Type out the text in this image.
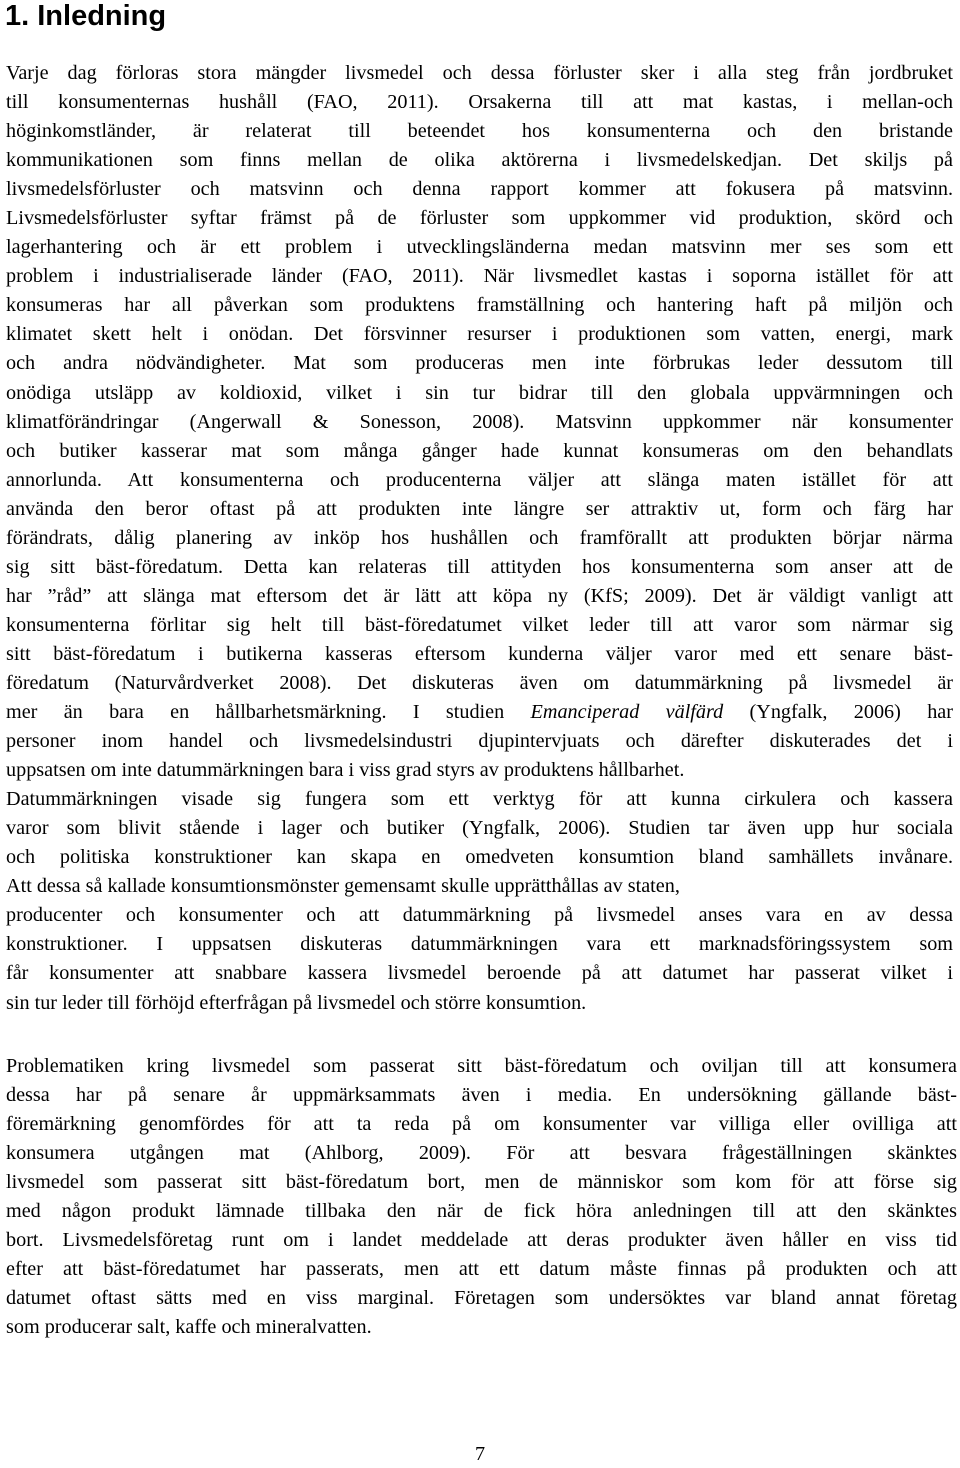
1. Inledning
Varje dag förloras stora mängder livsmedel och dessa förluster sker i alla steg från jordbruket
till konsumenternas hushåll (FAO, 2011). Orsakerna till att mat kastas, i mellan-och
höginkomstländer, är relaterat till beteendet hos konsumenterna och den bristande
kommunikationen som finns mellan de olika aktörerna i livsmedelskedjan. Det skiljs på
livsmedelsförluster och matsvinn och denna rapport kommer att fokusera på matsvinn.
Livsmedelsförluster syftar främst på de förluster som uppkommer vid produktion, skörd och
lagerhantering och är ett problem i utvecklingsländerna medan matsvinn mer ses som ett
problem i industrialiserade länder (FAO, 2011). När livsmedlet kastas i soporna istället för att
konsumeras har all påverkan som produktens framställning och hantering haft på miljön och
klimatet skett helt i onödan. Det försvinner resurser i produktionen som vatten, energi, mark
och andra nödvändigheter. Mat som produceras men inte förbrukas leder dessutom till
onödiga utsläpp av koldioxid, vilket i sin tur bidrar till den globala uppvärmningen och
klimatförändringar (Angerwall & Sonesson, 2008). Matsvinn uppkommer när konsumenter
och butiker kasserar mat som många gånger hade kunnat konsumeras om den behandlats
annorlunda. Att konsumenterna och producenterna väljer att slänga maten istället för att
använda den beror oftast på att produkten inte längre ser attraktiv ut, form och färg har
förändrats, dålig planering av inköp hos hushållen och framförallt att produkten börjar närma
sig sitt bäst-föredatum. Detta kan relateras till attityden hos konsumenterna som anser att de
har ”råd” att slänga mat eftersom det är lätt att köpa ny (KfS; 2009). Det är väldigt vanligt att
konsumenterna förlitar sig helt till bäst-föredatumet vilket leder till att varor som närmar sig
sitt bäst-föredatum i butikerna kasseras eftersom kunderna väljer varor med ett senare bäst-
föredatum (Naturvårdverket 2008). Det diskuteras även om datummärkning på livsmedel är
mer än bara en hållbarhetsmärkning. I studien Emanciperad välfärd (Yngfalk, 2006) har
personer inom handel och livsmedelsindustri djupintervjuats och därefter diskuterades det i
uppsatsen om inte datummärkningen bara i viss grad styrs av produktens hållbarhet.
Datummärkningen visade sig fungera som ett verktyg för att kunna cirkulera och kassera
varor som blivit stående i lager och butiker (Yngfalk, 2006). Studien tar även upp hur sociala
och politiska konstruktioner kan skapa en omedveten konsumtion bland samhällets invånare.
Att dessa så kallade konsumtionsmönster gemensamt skulle upprätthållas av staten,
producenter och konsumenter och att datummärkning på livsmedel anses vara en av dessa
konstruktioner. I uppsatsen diskuteras datummärkningen vara ett marknadsföringssystem som
får konsumenter att snabbare kassera livsmedel beroende på att datumet har passerat vilket i
sin tur leder till förhöjd efterfrågan på livsmedel och större konsumtion.
Problematiken kring livsmedel som passerat sitt bäst-föredatum och oviljan till att konsumera
dessa har på senare år uppmärksammats även i media. En undersökning gällande bäst-
föremärkning genomfördes för att ta reda på om konsumenter var villiga eller ovilliga att
konsumera utgången mat (Ahlborg, 2009). För att besvara frågeställningen skänktes
livsmedel som passerat sitt bäst-föredatum bort, men de människor som kom för att förse sig
med någon produkt lämnade tillbaka den när de fick höra anledningen till att den skänktes
bort. Livsmedelsföretag runt om i landet meddelade att deras produkter även håller en viss tid
efter att bäst-föredatumet har passerats, men att ett datum måste finnas på produkten och att
datumet oftast sätts med en viss marginal. Företagen som undersöktes var bland annat företag
som producerar salt, kaffe och mineralvatten.
7
